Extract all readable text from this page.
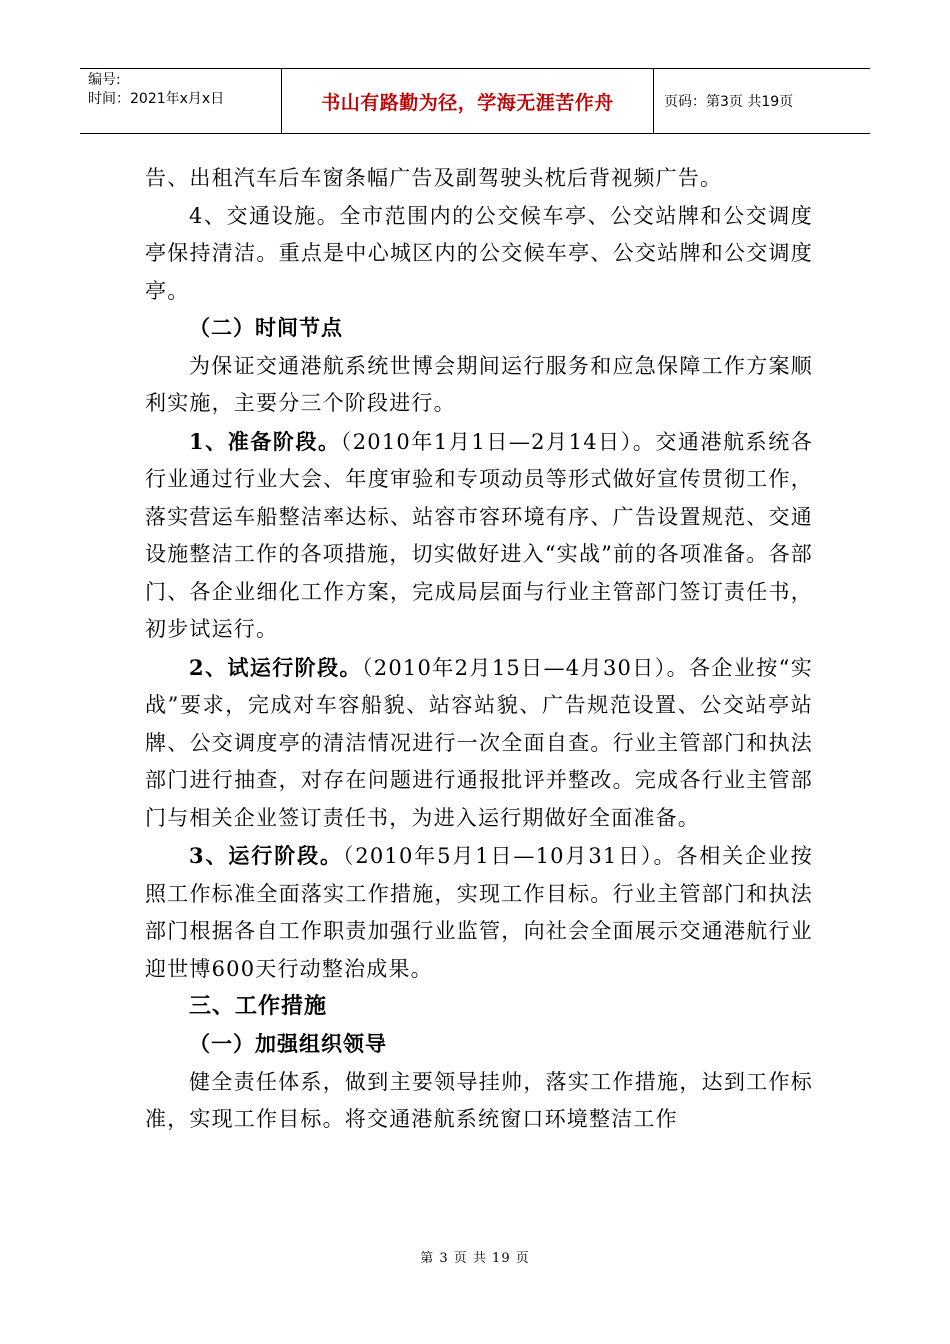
编号:
时间：2021年x月x日	书山有路勤为径，学海无涯苦作舟	页码：第3页 共19页

告、出租汽车后车窗条幅广告及副驾驶头枕后背视频广告。

4、交通设施。全市范围内的公交候车亭、公交站牌和公交调度亭保持清洁。重点是中心城区内的公交候车亭、公交站牌和公交调度亭。

（二）时间节点

为保证交通港航系统世博会期间运行服务和应急保障工作方案顺利实施，主要分三个阶段进行。

1、准备阶段。（2010年1月1日—2月14日）。交通港航系统各行业通过行业大会、年度审验和专项动员等形式做好宣传贯彻工作，落实营运车船整洁率达标、站容市容环境有序、广告设置规范、交通设施整洁工作的各项措施，切实做好进入“实战”前的各项准备。各部门、各企业细化工作方案，完成局层面与行业主管部门签订责任书，初步试运行。

2、试运行阶段。（2010年2月15日—4月30日）。各企业按“实战”要求，完成对车容船貌、站容站貌、广告规范设置、公交站亭站牌、公交调度亭的清洁情况进行一次全面自查。行业主管部门和执法部门进行抽查，对存在问题进行通报批评并整改。完成各行业主管部门与相关企业签订责任书，为进入运行期做好全面准备。

3、运行阶段。（2010年5月1日—10月31日）。各相关企业按照工作标准全面落实工作措施，实现工作目标。行业主管部门和执法部门根据各自工作职责加强行业监管，向社会全面展示交通港航行业迎世博600天行动整治成果。

三、工作措施

（一）加强组织领导

健全责任体系，做到主要领导挂帅，落实工作措施，达到工作标准，实现工作目标。将交通港航系统窗口环境整洁工作

第 3 页 共 19 页
